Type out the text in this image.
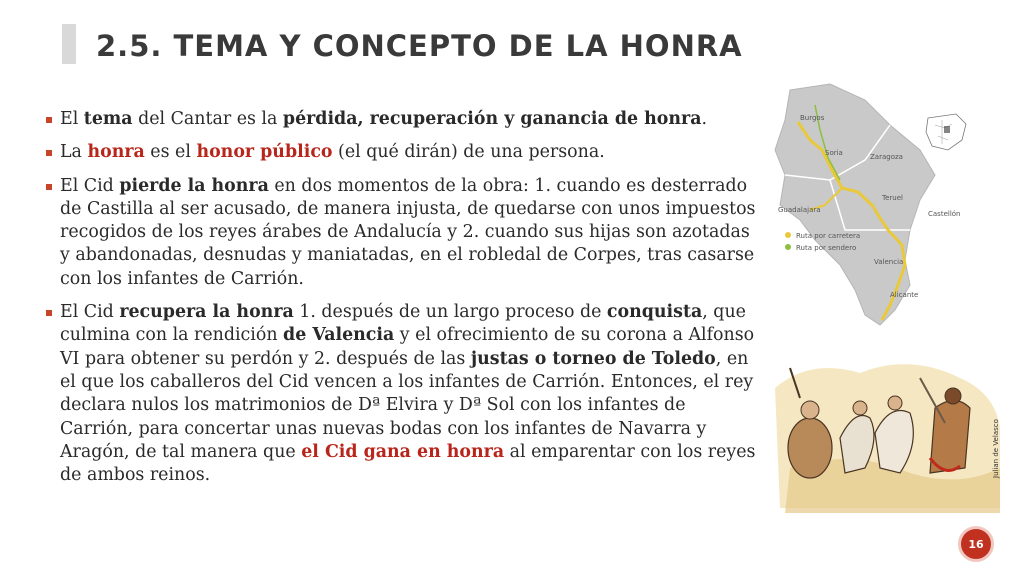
2.5. TEMA Y CONCEPTO DE LA HONRA
El tema del Cantar es la pérdida, recuperación y ganancia de honra.
La honra es el honor público (el qué dirán) de una persona.
El Cid pierde la honra en dos momentos de la obra: 1. cuando es desterrado de Castilla al ser acusado, de manera injusta, de quedarse con unos impuestos recogidos de los reyes árabes de Andalucía y 2. cuando sus hijas son azotadas y abandonadas, desnudas y maniatadas, en el robledal de Corpes, tras casarse con los infantes de Carrión.
El Cid recupera la honra 1. después de un largo proceso de conquista, que culmina con la rendición de Valencia y el ofrecimiento de su corona a Alfonso VI para obtener su perdón y 2. después de las justas o torneo de Toledo, en el que los caballeros del Cid vencen a los infantes de Carrión. Entonces, el rey declara nulos los matrimonios de Dª Elvira y Dª Sol con los infantes de Carrión, para concertar unas nuevas bodas con los infantes de Navarra y Aragón, de tal manera que el Cid gana en honra al emparentar con los reyes de ambos reinos.
Burgos
Soria	Zaragoza
Teruel
Guadalajara	Castellón
Valencia
Alicante
Ruta por carretera
Ruta por sendero
Julian de Velasco
16
